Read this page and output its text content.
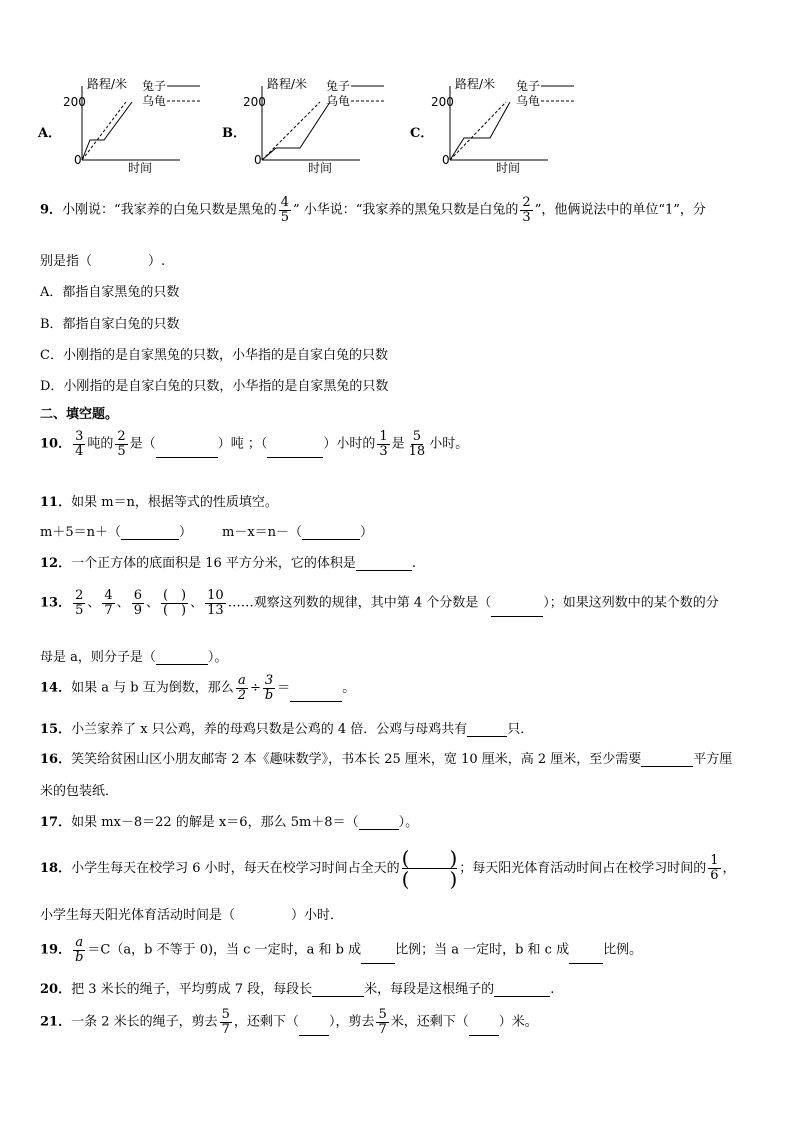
A．	B．	C．
路程/米
200
0
时间
兔子
乌龟
路程/米
200
0
时间
兔子
乌龟
路程/米
200
0
时间
兔子
乌龟
9．小刚说：“我家养的白兔只数是黑兔的 $\frac{4}{5}$ ” 小华说：“我家养的黑兔只数是白兔的 $\frac{2}{3}$ ”，他俩说法中的单位“1”，分
别是指（	）.
A．都指自家黑兔的只数
B．都指自家白兔的只数
C．小刚指的是自家黑兔的只数，小华指的是自家白兔的只数
D．小刚指的是自家白兔的只数，小华指的是自家黑兔的只数
二、填空题。
10． $\frac{3}{4}$ 吨的 $\frac{2}{5}$ 是（	）吨 ；（	）小时的 $\frac{1}{3}$ 是 $\frac{5}{18}$ 小时。
11．如果 m＝n，根据等式的性质填空。
m＋5＝n＋（	） m－x＝n－（	）
12．一个正方体的底面积是 16 平方分米，它的体积是	.
13． $\frac{2}{5}$ 、 $\frac{4}{7}$ 、 $\frac{6}{9}$ 、 $\frac{( )}{( )}$ 、 $\frac{10}{13}$ ……观察这列数的规律，其中第 4 个分数是（	）；如果这列数中的某个数的分
母是 a，则分子是（	）。
14．如果 a 与 b 互为倒数，那么 $\frac{a}{2} \div \frac{3}{b}$ ＝	。
15．小兰家养了 x 只公鸡，养的母鸡只数是公鸡的 4 倍．公鸡与母鸡共有	只．
16．笑笑给贫困山区小朋友邮寄 2 本《趣味数学》，书本长 25 厘米，宽 10 厘米，高 2 厘米，至少需要	平方厘
米的包装纸．
17．如果 mx－8＝22 的解是 x＝6，那么 5m＋8＝（	）。
18．小学生每天在校学习 6 小时，每天在校学习时间占全天的 (　　)
(　　) ；每天阳光体育活动时间占在校学习时间的 $\frac{1}{6}$ ，
小学生每天阳光体育活动时间是（	）小时．
19． $\frac{a}{b} =C(a$，b 不等于 0)，当 c 一定时，a 和 b 成	比例；当 a 一定时，b 和 c 成	比例。
20．把 3 米长的绳子，平均剪成 7 段，每段长	米，每段是这根绳子的	.
21．一条 2 米长的绳子，剪去 $\frac{5}{7}$ ，还剩下（ ），剪去 $\frac{5}{7}$ 米，还剩下（ ）米。
